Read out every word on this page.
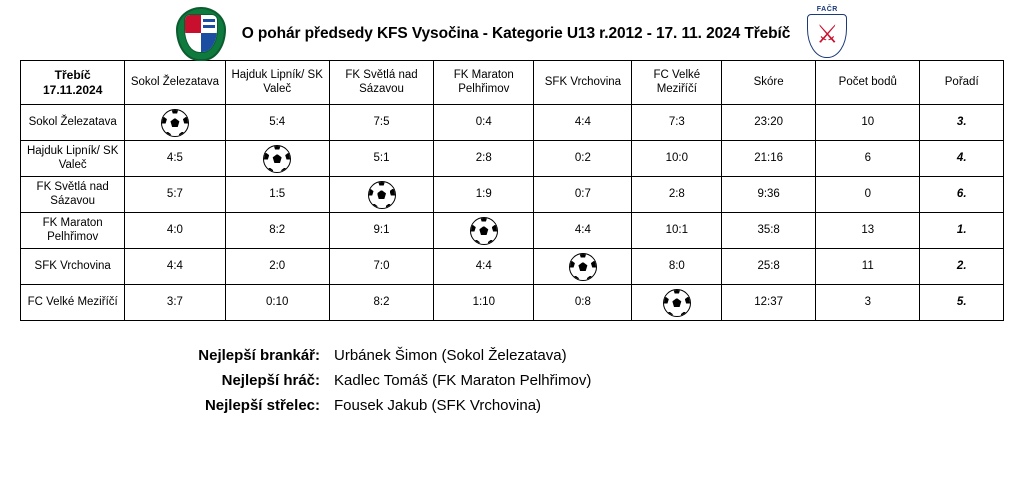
O pohár předsedy KFS Vysočina - Kategorie U13 r.2012 - 17. 11. 2024 Třebíč
FAČR
⚔
Třebíč
17.11.2024	Sokol Železatava	Hajduk Lipník/ SK Valeč	FK Světlá nad Sázavou	FK Maraton Pelhřimov	SFK Vrchovina	FC Velké Meziříčí	Skóre	Počet bodů	Pořadí
Sokol Železatava		5:4	7:5	0:4	4:4	7:3	23:20	10	3.
Hajduk Lipník/ SK Valeč	4:5		5:1	2:8	0:2	10:0	21:16	6	4.
FK Světlá nad Sázavou	5:7	1:5		1:9	0:7	2:8	9:36	0	6.
FK Maraton Pelhřimov	4:0	8:2	9:1		4:4	10:1	35:8	13	1.
SFK Vrchovina	4:4	2:0	7:0	4:4		8:0	25:8	11	2.
FC Velké Meziříčí	3:7	0:10	8:2	1:10	0:8		12:37	3	5.
Nejlepší brankář: Urbánek Šimon (Sokol Železatava)
Nejlepší hráč: Kadlec Tomáš (FK Maraton Pelhřimov)
Nejlepší střelec: Fousek Jakub (SFK Vrchovina)
